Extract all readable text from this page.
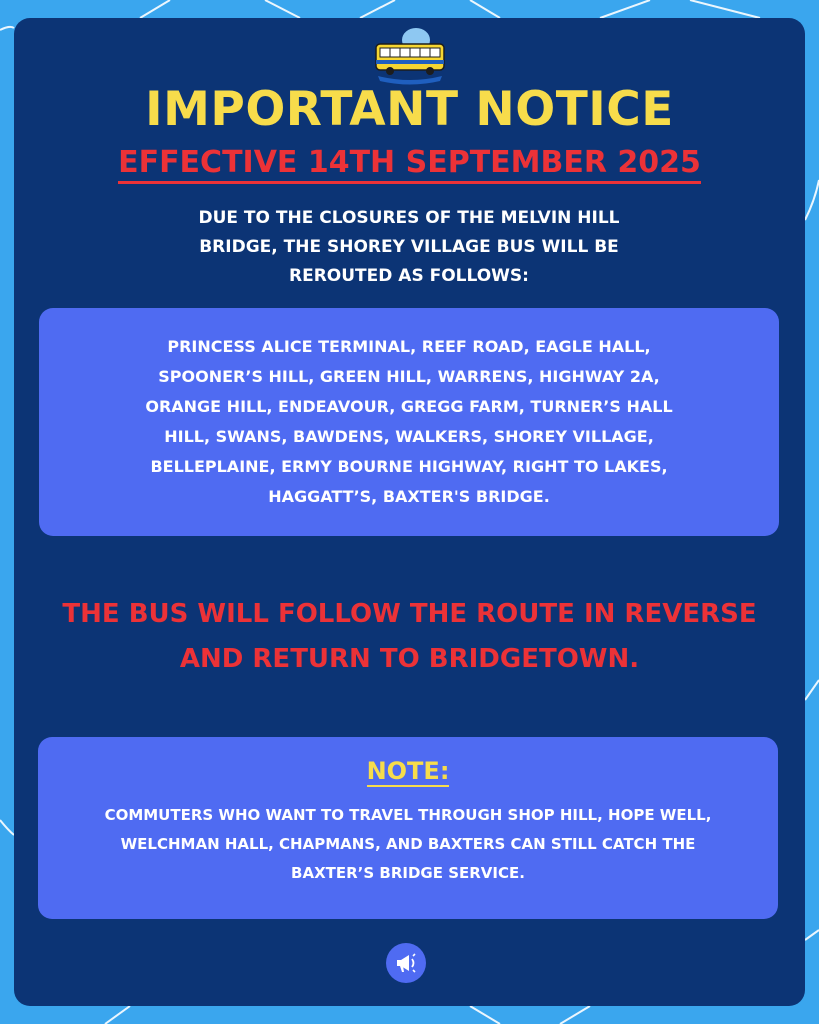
IMPORTANT NOTICE
EFFECTIVE 14TH SEPTEMBER 2025
DUE TO THE CLOSURES OF THE MELVIN HILL
BRIDGE, THE SHOREY VILLAGE BUS WILL BE
REROUTED AS FOLLOWS:
PRINCESS ALICE TERMINAL, REEF ROAD, EAGLE HALL,
SPOONER’S HILL, GREEN HILL, WARRENS, HIGHWAY 2A,
ORANGE HILL, ENDEAVOUR, GREGG FARM, TURNER’S HALL
HILL, SWANS, BAWDENS, WALKERS, SHOREY VILLAGE,
BELLEPLAINE, ERMY BOURNE HIGHWAY, RIGHT TO LAKES,
HAGGATT’S, BAXTER'S BRIDGE.
THE BUS WILL FOLLOW THE ROUTE IN REVERSE
AND RETURN TO BRIDGETOWN.
NOTE:
COMMUTERS WHO WANT TO TRAVEL THROUGH SHOP HILL, HOPE WELL,
WELCHMAN HALL, CHAPMANS, AND BAXTERS CAN STILL CATCH THE
BAXTER’S BRIDGE SERVICE.
